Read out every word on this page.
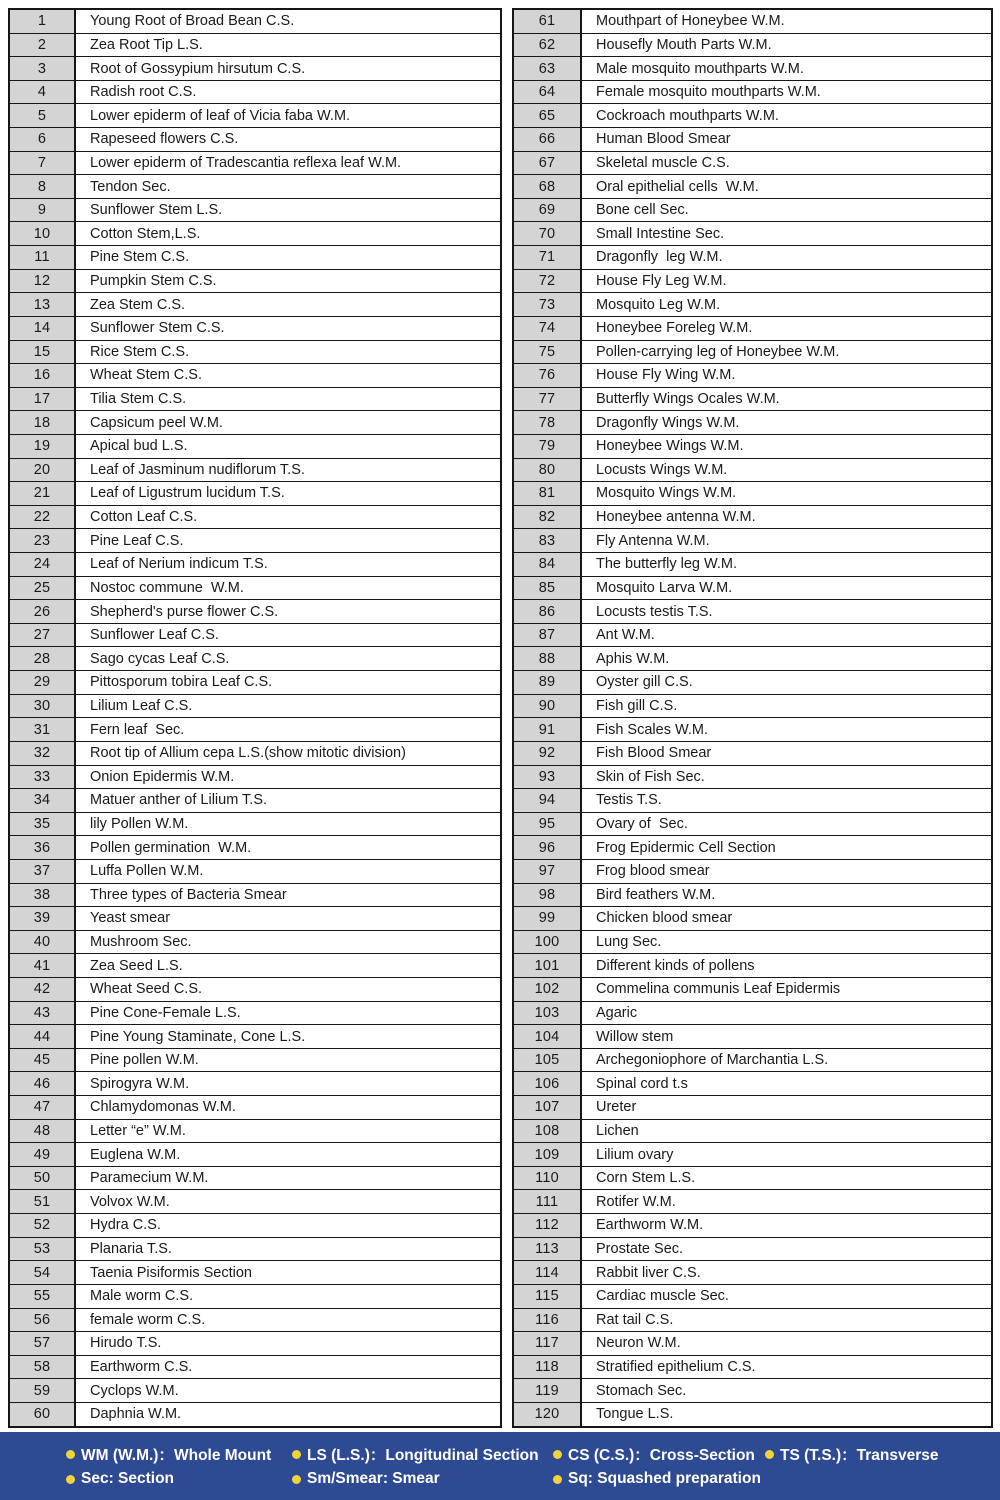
1	Young Root of Broad Bean C.S.
2	Zea Root Tip L.S.
3	Root of Gossypium hirsutum C.S.
4	Radish root C.S.
5	Lower epiderm of leaf of Vicia faba W.M.
6	Rapeseed flowers C.S.
7	Lower epiderm of Tradescantia reflexa leaf W.M.
8	Tendon Sec.
9	Sunflower Stem L.S.
10	Cotton Stem,L.S.
11	Pine Stem C.S.
12	Pumpkin Stem C.S.
13	Zea Stem C.S.
14	Sunflower Stem C.S.
15	Rice Stem C.S.
16	Wheat Stem C.S.
17	Tilia Stem C.S.
18	Capsicum peel W.M.
19	Apical bud L.S.
20	Leaf of Jasminum nudiflorum T.S.
21	Leaf of Ligustrum lucidum T.S.
22	Cotton Leaf C.S.
23	Pine Leaf C.S.
24	Leaf of Nerium indicum T.S.
25	Nostoc commune  W.M.
26	Shepherd's purse flower C.S.
27	Sunflower Leaf C.S.
28	Sago cycas Leaf C.S.
29	Pittosporum tobira Leaf C.S.
30	Lilium Leaf C.S.
31	Fern leaf  Sec.
32	Root tip of Allium cepa L.S.(show mitotic division)
33	Onion Epidermis W.M.
34	Matuer anther of Lilium T.S.
35	lily Pollen W.M.
36	Pollen germination  W.M.
37	Luffa Pollen W.M.
38	Three types of Bacteria Smear
39	Yeast smear
40	Mushroom Sec.
41	Zea Seed L.S.
42	Wheat Seed C.S.
43	Pine Cone-Female L.S.
44	Pine Young Staminate, Cone L.S.
45	Pine pollen W.M.
46	Spirogyra W.M.
47	Chlamydomonas W.M.
48	Letter “e” W.M.
49	Euglena W.M.
50	Paramecium W.M.
51	Volvox W.M.
52	Hydra C.S.
53	Planaria T.S.
54	Taenia Pisiformis Section
55	Male worm C.S.
56	female worm C.S.
57	Hirudo T.S.
58	Earthworm C.S.
59	Cyclops W.M.
60	Daphnia W.M.
61	Mouthpart of Honeybee W.M.
62	Housefly Mouth Parts W.M.
63	Male mosquito mouthparts W.M.
64	Female mosquito mouthparts W.M.
65	Cockroach mouthparts W.M.
66	Human Blood Smear
67	Skeletal muscle C.S.
68	Oral epithelial cells  W.M.
69	Bone cell Sec.
70	Small Intestine Sec.
71	Dragonfly  leg W.M.
72	House Fly Leg W.M.
73	Mosquito Leg W.M.
74	Honeybee Foreleg W.M.
75	Pollen-carrying leg of Honeybee W.M.
76	House Fly Wing W.M.
77	Butterfly Wings Ocales W.M.
78	Dragonfly Wings W.M.
79	Honeybee Wings W.M.
80	Locusts Wings W.M.
81	Mosquito Wings W.M.
82	Honeybee antenna W.M.
83	Fly Antenna W.M.
84	The butterfly leg W.M.
85	Mosquito Larva W.M.
86	Locusts testis T.S.
87	Ant W.M.
88	Aphis W.M.
89	Oyster gill C.S.
90	Fish gill C.S.
91	Fish Scales W.M.
92	Fish Blood Smear
93	Skin of Fish Sec.
94	Testis T.S.
95	Ovary of  Sec.
96	Frog Epidermic Cell Section
97	Frog blood smear
98	Bird feathers W.M.
99	Chicken blood smear
100	Lung Sec.
101	Different kinds of pollens
102	Commelina communis Leaf Epidermis
103	Agaric
104	Willow stem
105	Archegoniophore of Marchantia L.S.
106	Spinal cord t.s
107	Ureter
108	Lichen
109	Lilium ovary
110	Corn Stem L.S.
111	Rotifer W.M.
112	Earthworm W.M.
113	Prostate Sec.
114	Rabbit liver C.S.
115	Cardiac muscle Sec.
116	Rat tail C.S.
117	Neuron W.M.
118	Stratified epithelium C.S.
119	Stomach Sec.
120	Tongue L.S.
WM (W.M.)：Whole Mount LS (L.S.)：Longitudinal Section CS (C.S.)：Cross-Section TS (T.S.)：Transverse
Sec: Section	Sm/Smear: Smear	Sq: Squashed preparation
